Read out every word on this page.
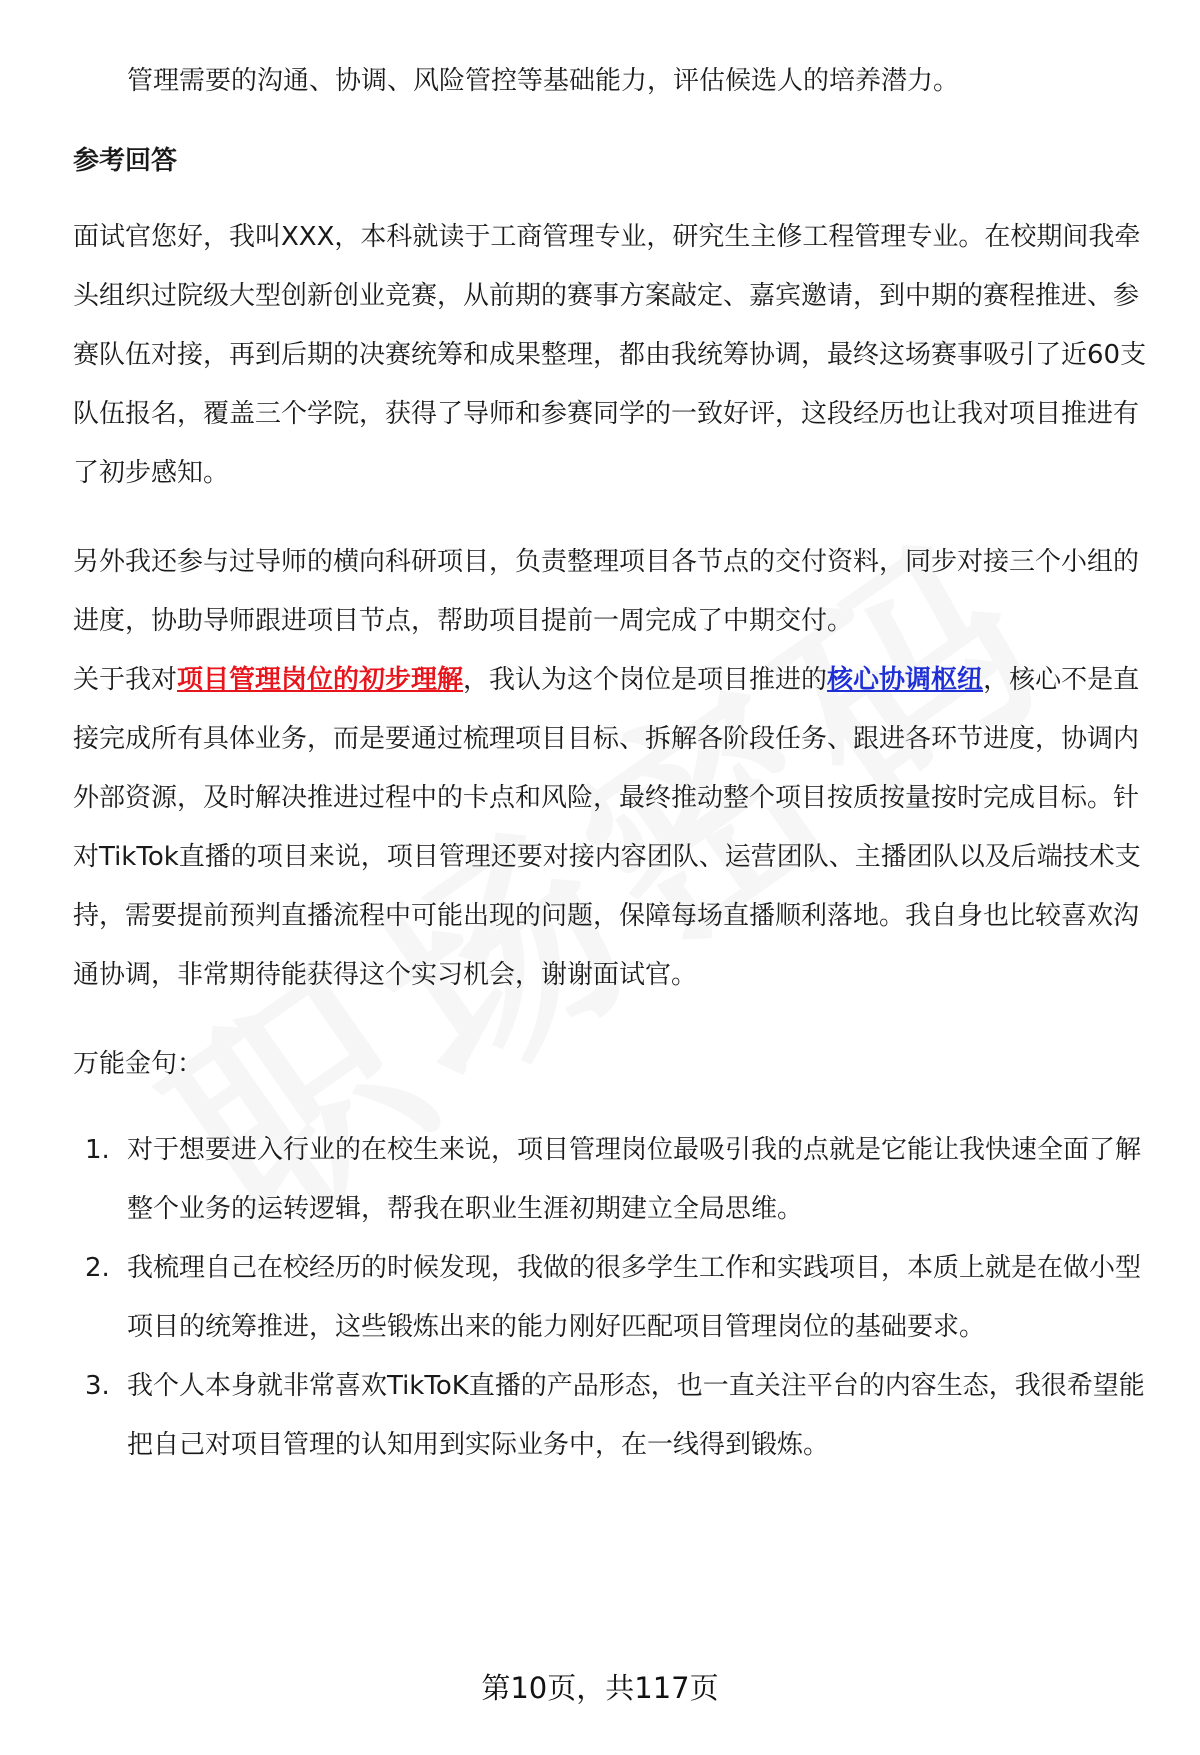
管理需要的沟通、协调、风险管控等基础能力，评估候选人的培养潜力。

参考回答

面试官您好，我叫XXX，本科就读于工商管理专业，研究生主修工程管理专业。在校期间我牵头组织过院级大型创新创业竞赛，从前期的赛事方案敲定、嘉宾邀请，到中期的赛程推进、参赛队伍对接，再到后期的决赛统筹和成果整理，都由我统筹协调，最终这场赛事吸引了近60支队伍报名，覆盖三个学院，获得了导师和参赛同学的一致好评，这段经历也让我对项目推进有了初步感知。

另外我还参与过导师的横向科研项目，负责整理项目各节点的交付资料，同步对接三个小组的进度，协助导师跟进项目节点，帮助项目提前一周完成了中期交付。

关于我对项目管理岗位的初步理解，我认为这个岗位是项目推进的核心协调枢纽，核心不是直接完成所有具体业务，而是要通过梳理项目目标、拆解各阶段任务、跟进各环节进度，协调内外部资源，及时解决推进过程中的卡点和风险，最终推动整个项目按质按量按时完成目标。针对TikTok直播的项目来说，项目管理还要对接内容团队、运营团队、主播团队以及后端技术支持，需要提前预判直播流程中可能出现的问题，保障每场直播顺利落地。我自身也比较喜欢沟通协调，非常期待能获得这个实习机会，谢谢面试官。

万能金句：

1. 对于想要进入行业的在校生来说，项目管理岗位最吸引我的点就是它能让我快速全面了解整个业务的运转逻辑，帮我在职业生涯初期建立全局思维。
2. 我梳理自己在校经历的时候发现，我做的很多学生工作和实践项目，本质上就是在做小型项目的统筹推进，这些锻炼出来的能力刚好匹配项目管理岗位的基础要求。
3. 我个人本身就非常喜欢TikToK直播的产品形态，也一直关注平台的内容生态，我很希望能把自己对项目管理的认知用到实际业务中，在一线得到锻炼。
第10页，共117页
